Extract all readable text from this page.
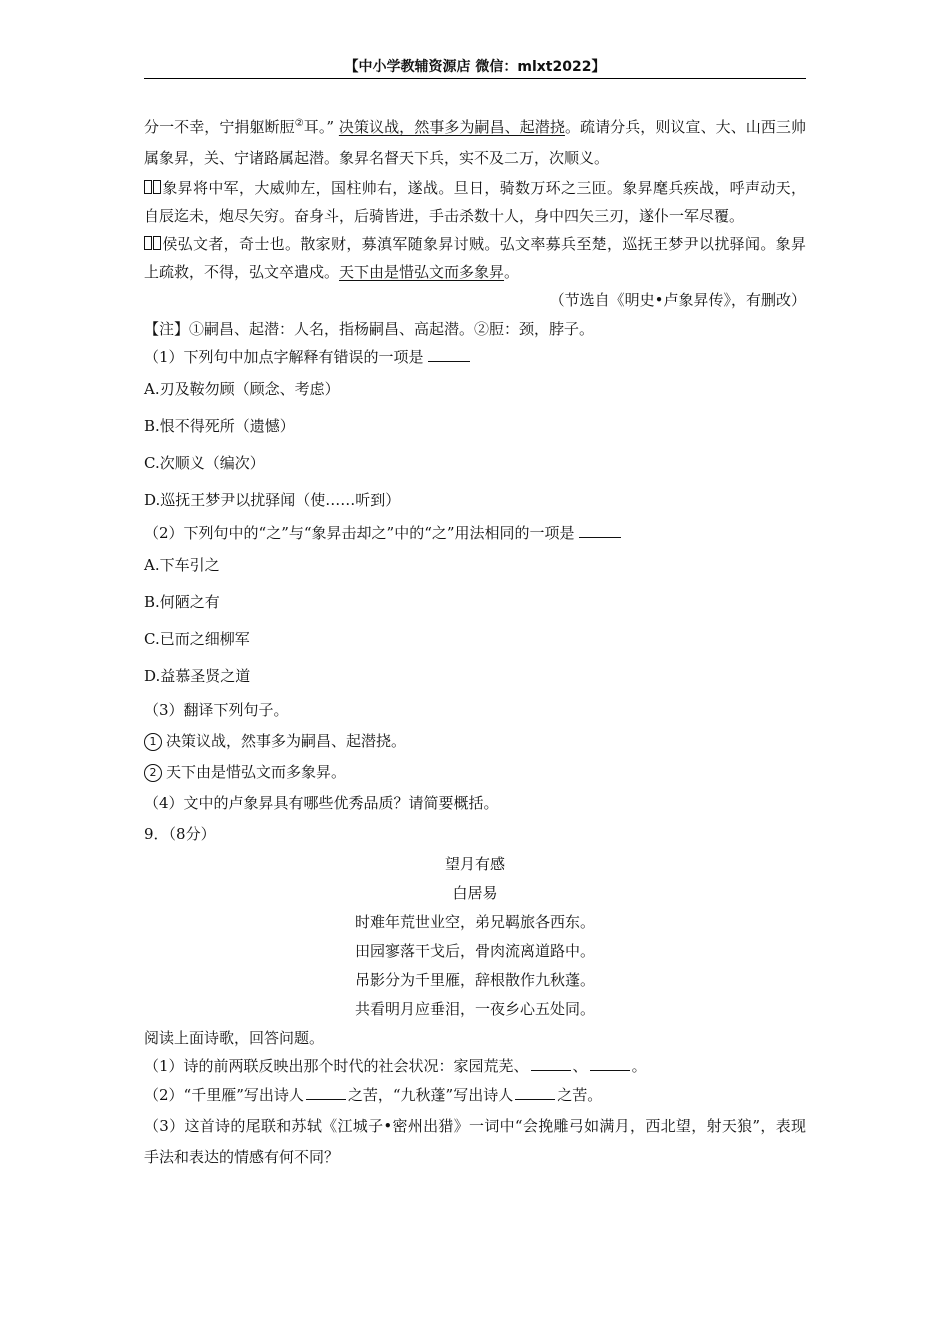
【中小学教辅资源店 微信：mlxt2022】

分一不幸，宁捐躯断脰②耳。” 决策议战，然事多为嗣昌、起潜挠。疏请分兵，则议宣、大、山西三帅属象昇，关、宁诸路属起潜。象昇名督天下兵，实不及二万，次顺义。

象昇将中军，大威帅左，国柱帅右，遂战。旦日，骑数万环之三匝。象昇麾兵疾战，呼声动天，自辰迄未，炮尽矢穷。奋身斗，后骑皆进，手击杀数十人，身中四矢三刃，遂仆一军尽覆。

侯弘文者，奇士也。散家财，募滇军随象昇讨贼。弘文率募兵至楚，巡抚王梦尹以扰驿闻。象昇上疏救，不得，弘文卒遣戍。天下由是惜弘文而多象昇。

（节选自《明史•卢象昇传》，有删改）

【注】①嗣昌、起潜：人名，指杨嗣昌、高起潜。②脰：颈，脖子。

（1）下列句中加点字解释有错误的一项是

A.刃及鞍勿顾（顾念、考虑）

B.恨不得死所（遗憾）

C.次顺义（编次）

D.巡抚王梦尹以扰驿闻（使……听到）

（2）下列句中的“之”与“象昇击却之”中的“之”用法相同的一项是

A.下车引之

B.何陋之有

C.已而之细柳军

D.益慕圣贤之道

（3）翻译下列句子。

1 决策议战，然事多为嗣昌、起潜挠。

2 天下由是惜弘文而多象昇。

（4）文中的卢象昇具有哪些优秀品质？请简要概括。

9．（8分）

望月有感

白居易

时难年荒世业空，弟兄羁旅各西东。

田园寥落干戈后，骨肉流离道路中。

吊影分为千里雁，辞根散作九秋蓬。

共看明月应垂泪，一夜乡心五处同。

阅读上面诗歌，回答问题。

（1）诗的前两联反映出那个时代的社会状况：家园荒芜、	、	。

（2）“千里雁”写出诗人	之苦，“九秋蓬”写出诗人	之苦。

（3）这首诗的尾联和苏轼《江城子•密州出猎》一词中“会挽雕弓如满月，西北望，射天狼”，表现手法和表达的情感有何不同？
